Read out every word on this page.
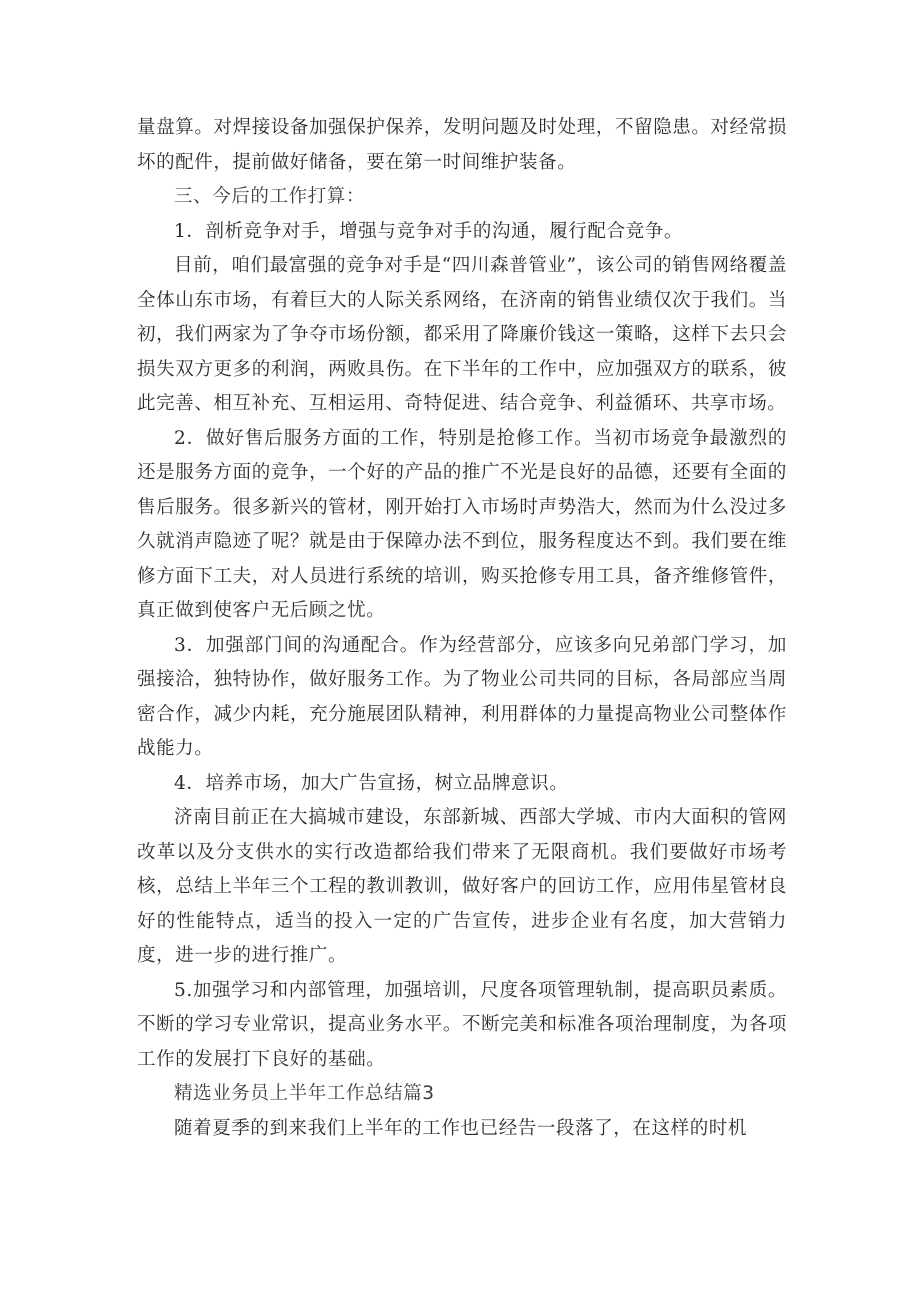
量盘算。对焊接设备加强保护保养，发明问题及时处理，不留隐患。对经常损坏的配件，提前做好储备，要在第一时间维护装备。

三、今后的工作打算：

1．剖析竞争对手，增强与竞争对手的沟通，履行配合竞争。

目前，咱们最富强的竞争对手是“四川森普管业”，该公司的销售网络覆盖全体山东市场，有着巨大的人际关系网络，在济南的销售业绩仅次于我们。当初，我们两家为了争夺市场份额，都采用了降廉价钱这一策略，这样下去只会损失双方更多的利润，两败具伤。在下半年的工作中，应加强双方的联系，彼此完善、相互补充、互相运用、奇特促进、结合竞争、利益循环、共享市场。

2．做好售后服务方面的工作，特别是抢修工作。当初市场竞争最激烈的还是服务方面的竞争，一个好的产品的推广不光是良好的品德，还要有全面的售后服务。很多新兴的管材，刚开始打入市场时声势浩大，然而为什么没过多久就消声隐迹了呢？就是由于保障办法不到位，服务程度达不到。我们要在维修方面下工夫，对人员进行系统的培训，购买抢修专用工具，备齐维修管件，真正做到使客户无后顾之忧。

3．加强部门间的沟通配合。作为经营部分，应该多向兄弟部门学习，加强接洽，独特协作，做好服务工作。为了物业公司共同的目标，各局部应当周密合作，减少内耗，充分施展团队精神，利用群体的力量提高物业公司整体作战能力。

4．培养市场，加大广告宣扬，树立品牌意识。

济南目前正在大搞城市建设，东部新城、西部大学城、市内大面积的管网改革以及分支供水的实行改造都给我们带来了无限商机。我们要做好市场考核，总结上半年三个工程的教训教训，做好客户的回访工作，应用伟星管材良好的性能特点，适当的投入一定的广告宣传，进步企业有名度，加大营销力度，进一步的进行推广。

5.加强学习和内部管理，加强培训，尺度各项管理轨制，提高职员素质。不断的学习专业常识，提高业务水平。不断完美和标准各项治理制度，为各项工作的发展打下良好的基础。

精选业务员上半年工作总结篇3

随着夏季的到来我们上半年的工作也已经告一段落了，在这样的时机
